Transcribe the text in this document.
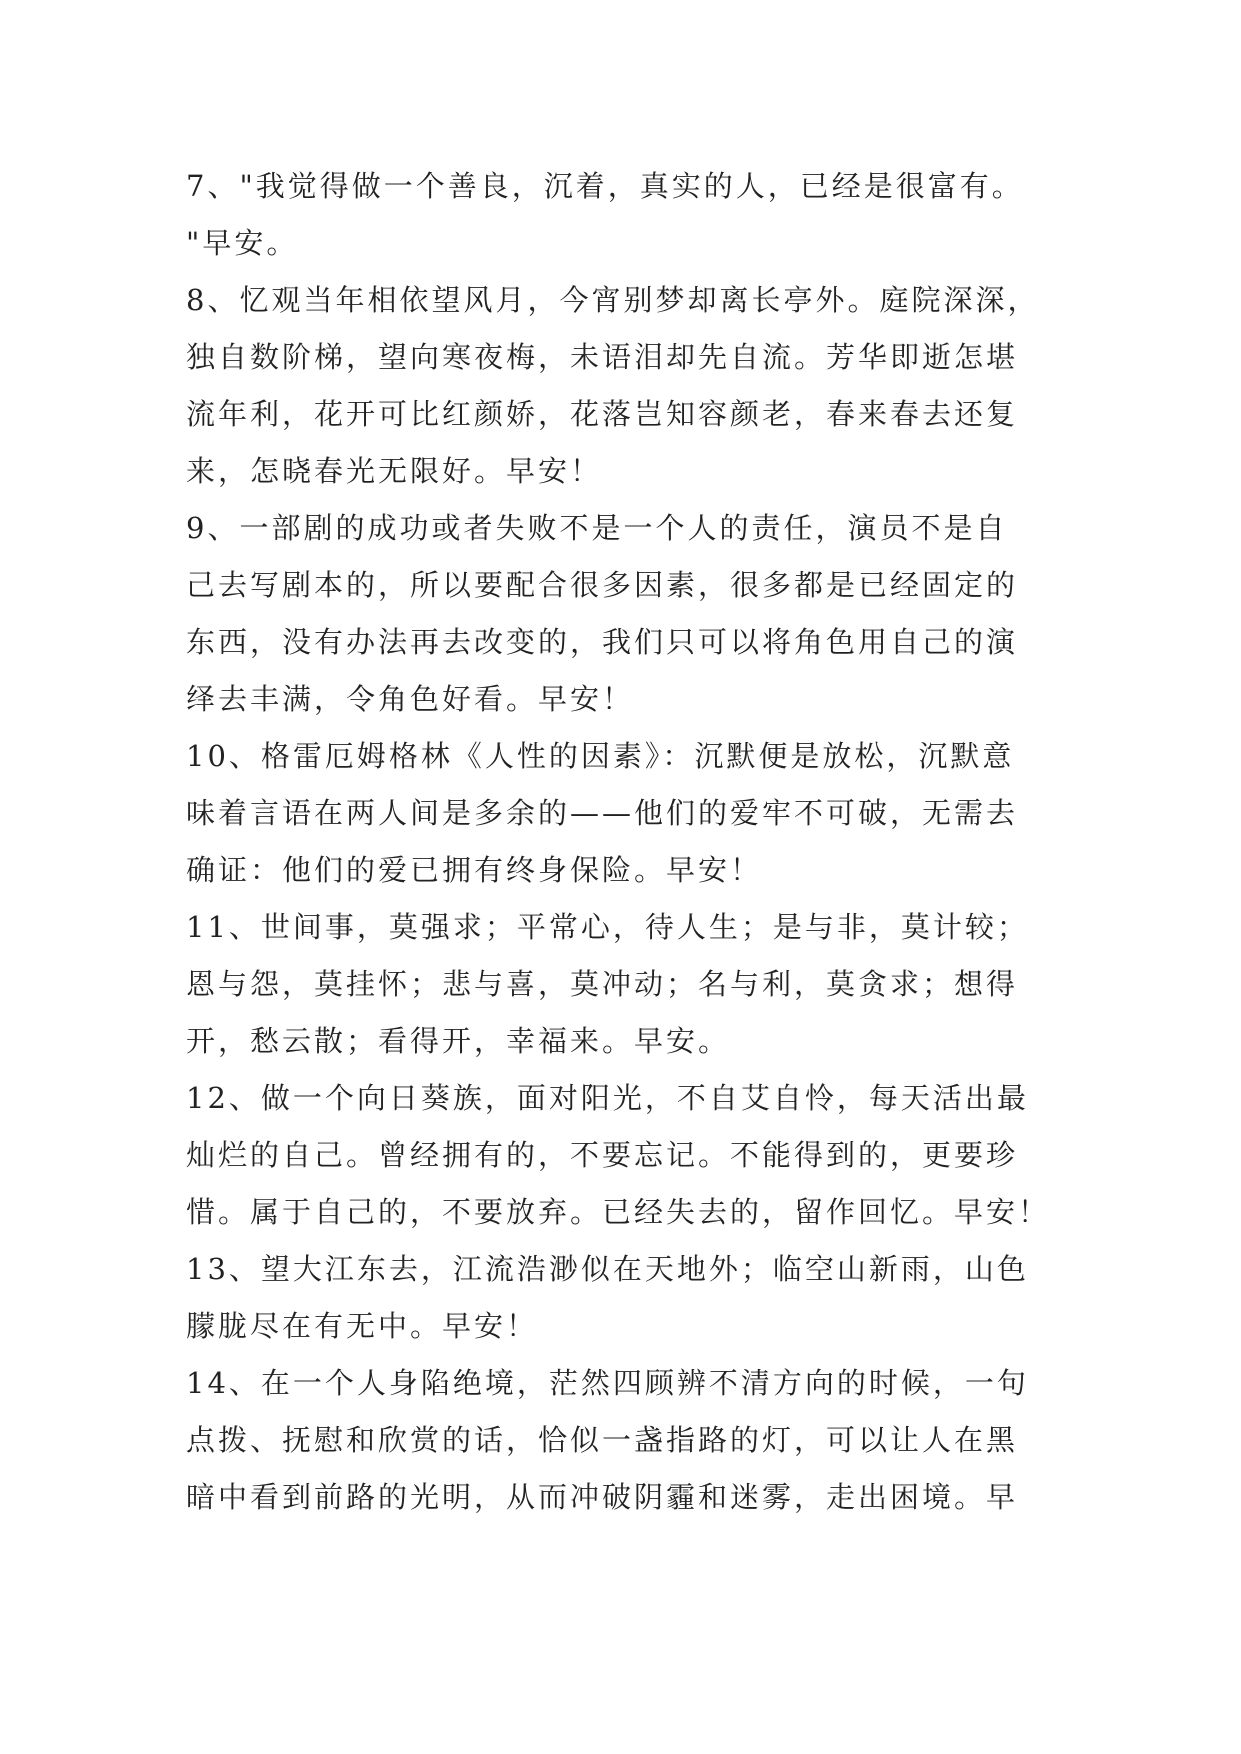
7、"我觉得做一个善良，沉着，真实的人，已经是很富有。
"早安。
8、忆观当年相依望风月，今宵别梦却离长亭外。庭院深深，
独自数阶梯，望向寒夜梅，未语泪却先自流。芳华即逝怎堪
流年利，花开可比红颜娇，花落岂知容颜老，春来春去还复
来，怎晓春光无限好。早安！
9、一部剧的成功或者失败不是一个人的责任，演员不是自
己去写剧本的，所以要配合很多因素，很多都是已经固定的
东西，没有办法再去改变的，我们只可以将角色用自己的演
绎去丰满，令角色好看。早安！
10、格雷厄姆格林《人性的因素》：沉默便是放松，沉默意
味着言语在两人间是多余的——他们的爱牢不可破，无需去
确证：他们的爱已拥有终身保险。早安！
11、世间事，莫强求；平常心，待人生；是与非，莫计较；
恩与怨，莫挂怀；悲与喜，莫冲动；名与利，莫贪求；想得
开，愁云散；看得开，幸福来。早安。
12、做一个向日葵族，面对阳光，不自艾自怜，每天活出最
灿烂的自己。曾经拥有的，不要忘记。不能得到的，更要珍
惜。属于自己的，不要放弃。已经失去的，留作回忆。早安！
13、望大江东去，江流浩渺似在天地外；临空山新雨，山色
朦胧尽在有无中。早安！
14、在一个人身陷绝境，茫然四顾辨不清方向的时候，一句
点拨、抚慰和欣赏的话，恰似一盏指路的灯，可以让人在黑
暗中看到前路的光明，从而冲破阴霾和迷雾，走出困境。早
